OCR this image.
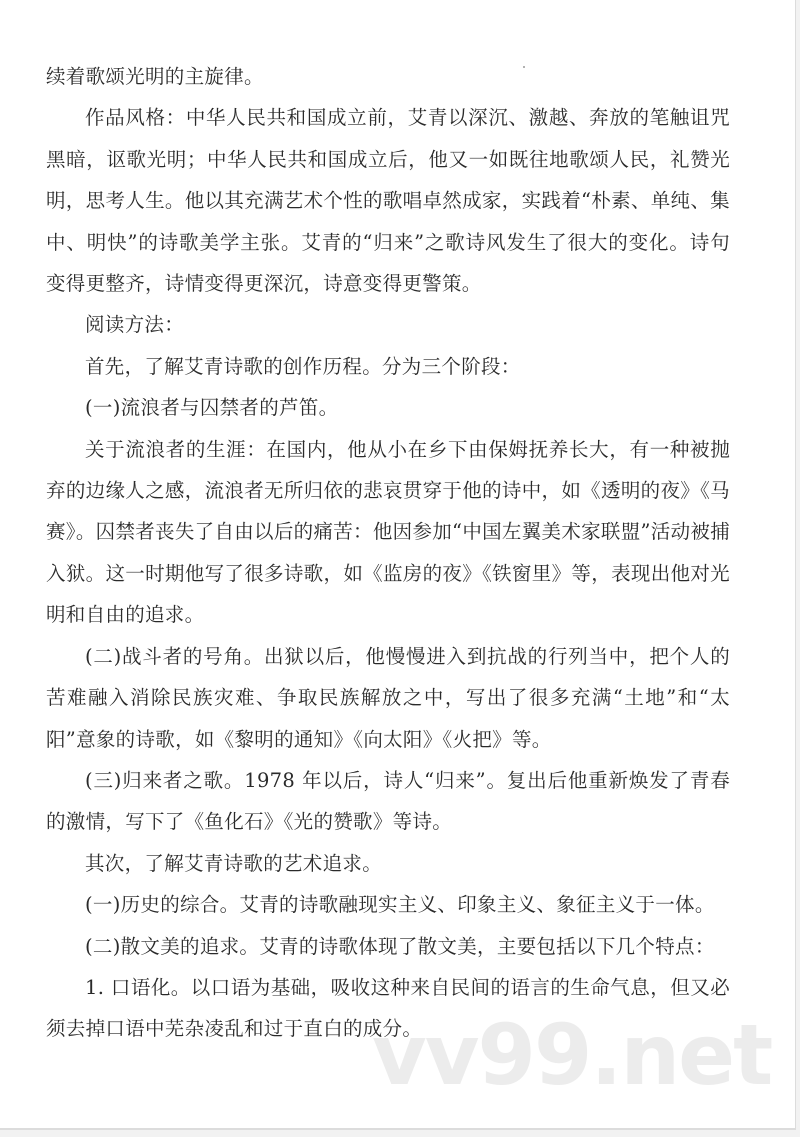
续着歌颂光明的主旋律。

作品风格：中华人民共和国成立前，艾青以深沉、激越、奔放的笔触诅咒黑暗，讴歌光明；中华人民共和国成立后，他又一如既往地歌颂人民，礼赞光明，思考人生。他以其充满艺术个性的歌唱卓然成家，实践着“朴素、单纯、集中、明快”的诗歌美学主张。艾青的“归来”之歌诗风发生了很大的变化。诗句变得更整齐，诗情变得更深沉，诗意变得更警策。

阅读方法：

首先，了解艾青诗歌的创作历程。分为三个阶段：

(一)流浪者与囚禁者的芦笛。

关于流浪者的生涯：在国内，他从小在乡下由保姆抚养长大，有一种被抛弃的边缘人之感，流浪者无所归依的悲哀贯穿于他的诗中，如《透明的夜》《马赛》。囚禁者丧失了自由以后的痛苦：他因参加“中国左翼美术家联盟”活动被捕入狱。这一时期他写了很多诗歌，如《监房的夜》《铁窗里》等，表现出他对光明和自由的追求。

(二)战斗者的号角。出狱以后，他慢慢进入到抗战的行列当中，把个人的苦难融入消除民族灾难、争取民族解放之中，写出了很多充满“土地”和“太阳”意象的诗歌，如《黎明的通知》《向太阳》《火把》等。

(三)归来者之歌。1978 年以后，诗人“归来”。复出后他重新焕发了青春的激情，写下了《鱼化石》《光的赞歌》等诗。

其次，了解艾青诗歌的艺术追求。

(一)历史的综合。艾青的诗歌融现实主义、印象主义、象征主义于一体。

(二)散文美的追求。艾青的诗歌体现了散文美，主要包括以下几个特点：

1. 口语化。以口语为基础，吸收这种来自民间的语言的生命气息，但又必须去掉口语中芜杂凌乱和过于直白的成分。

vv99.net
